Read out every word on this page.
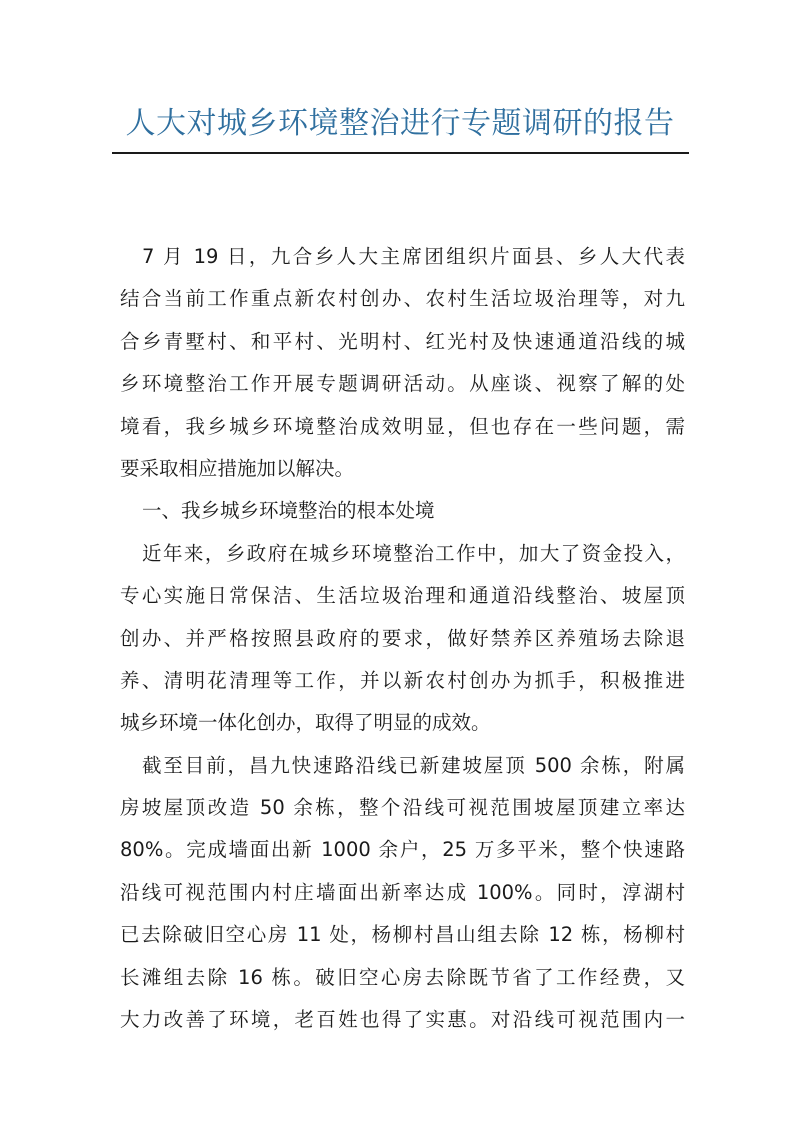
人大对城乡环境整治进行专题调研的报告
7 月 19 日，九合乡人大主席团组织片面县、乡人大代表
结合当前工作重点新农村创办、农村生活垃圾治理等，对九
合乡青墅村、和平村、光明村、红光村及快速通道沿线的城
乡环境整治工作开展专题调研活动。从座谈、视察了解的处
境看，我乡城乡环境整治成效明显，但也存在一些问题，需
要采取相应措施加以解决。
一、我乡城乡环境整治的根本处境
近年来，乡政府在城乡环境整治工作中，加大了资金投入，
专心实施日常保洁、生活垃圾治理和通道沿线整治、坡屋顶
创办、并严格按照县政府的要求，做好禁养区养殖场去除退
养、清明花清理等工作，并以新农村创办为抓手，积极推进
城乡环境一体化创办，取得了明显的成效。
截至目前，昌九快速路沿线已新建坡屋顶 500 余栋，附属
房坡屋顶改造 50 余栋，整个沿线可视范围坡屋顶建立率达
80%。完成墙面出新 1000 余户，25 万多平米，整个快速路
沿线可视范围内村庄墙面出新率达成 100%。同时，淳湖村
已去除破旧空心房 11 处，杨柳村昌山组去除 12 栋，杨柳村
长滩组去除 16 栋。破旧空心房去除既节省了工作经费，又
大力改善了环境，老百姓也得了实惠。对沿线可视范围内一
